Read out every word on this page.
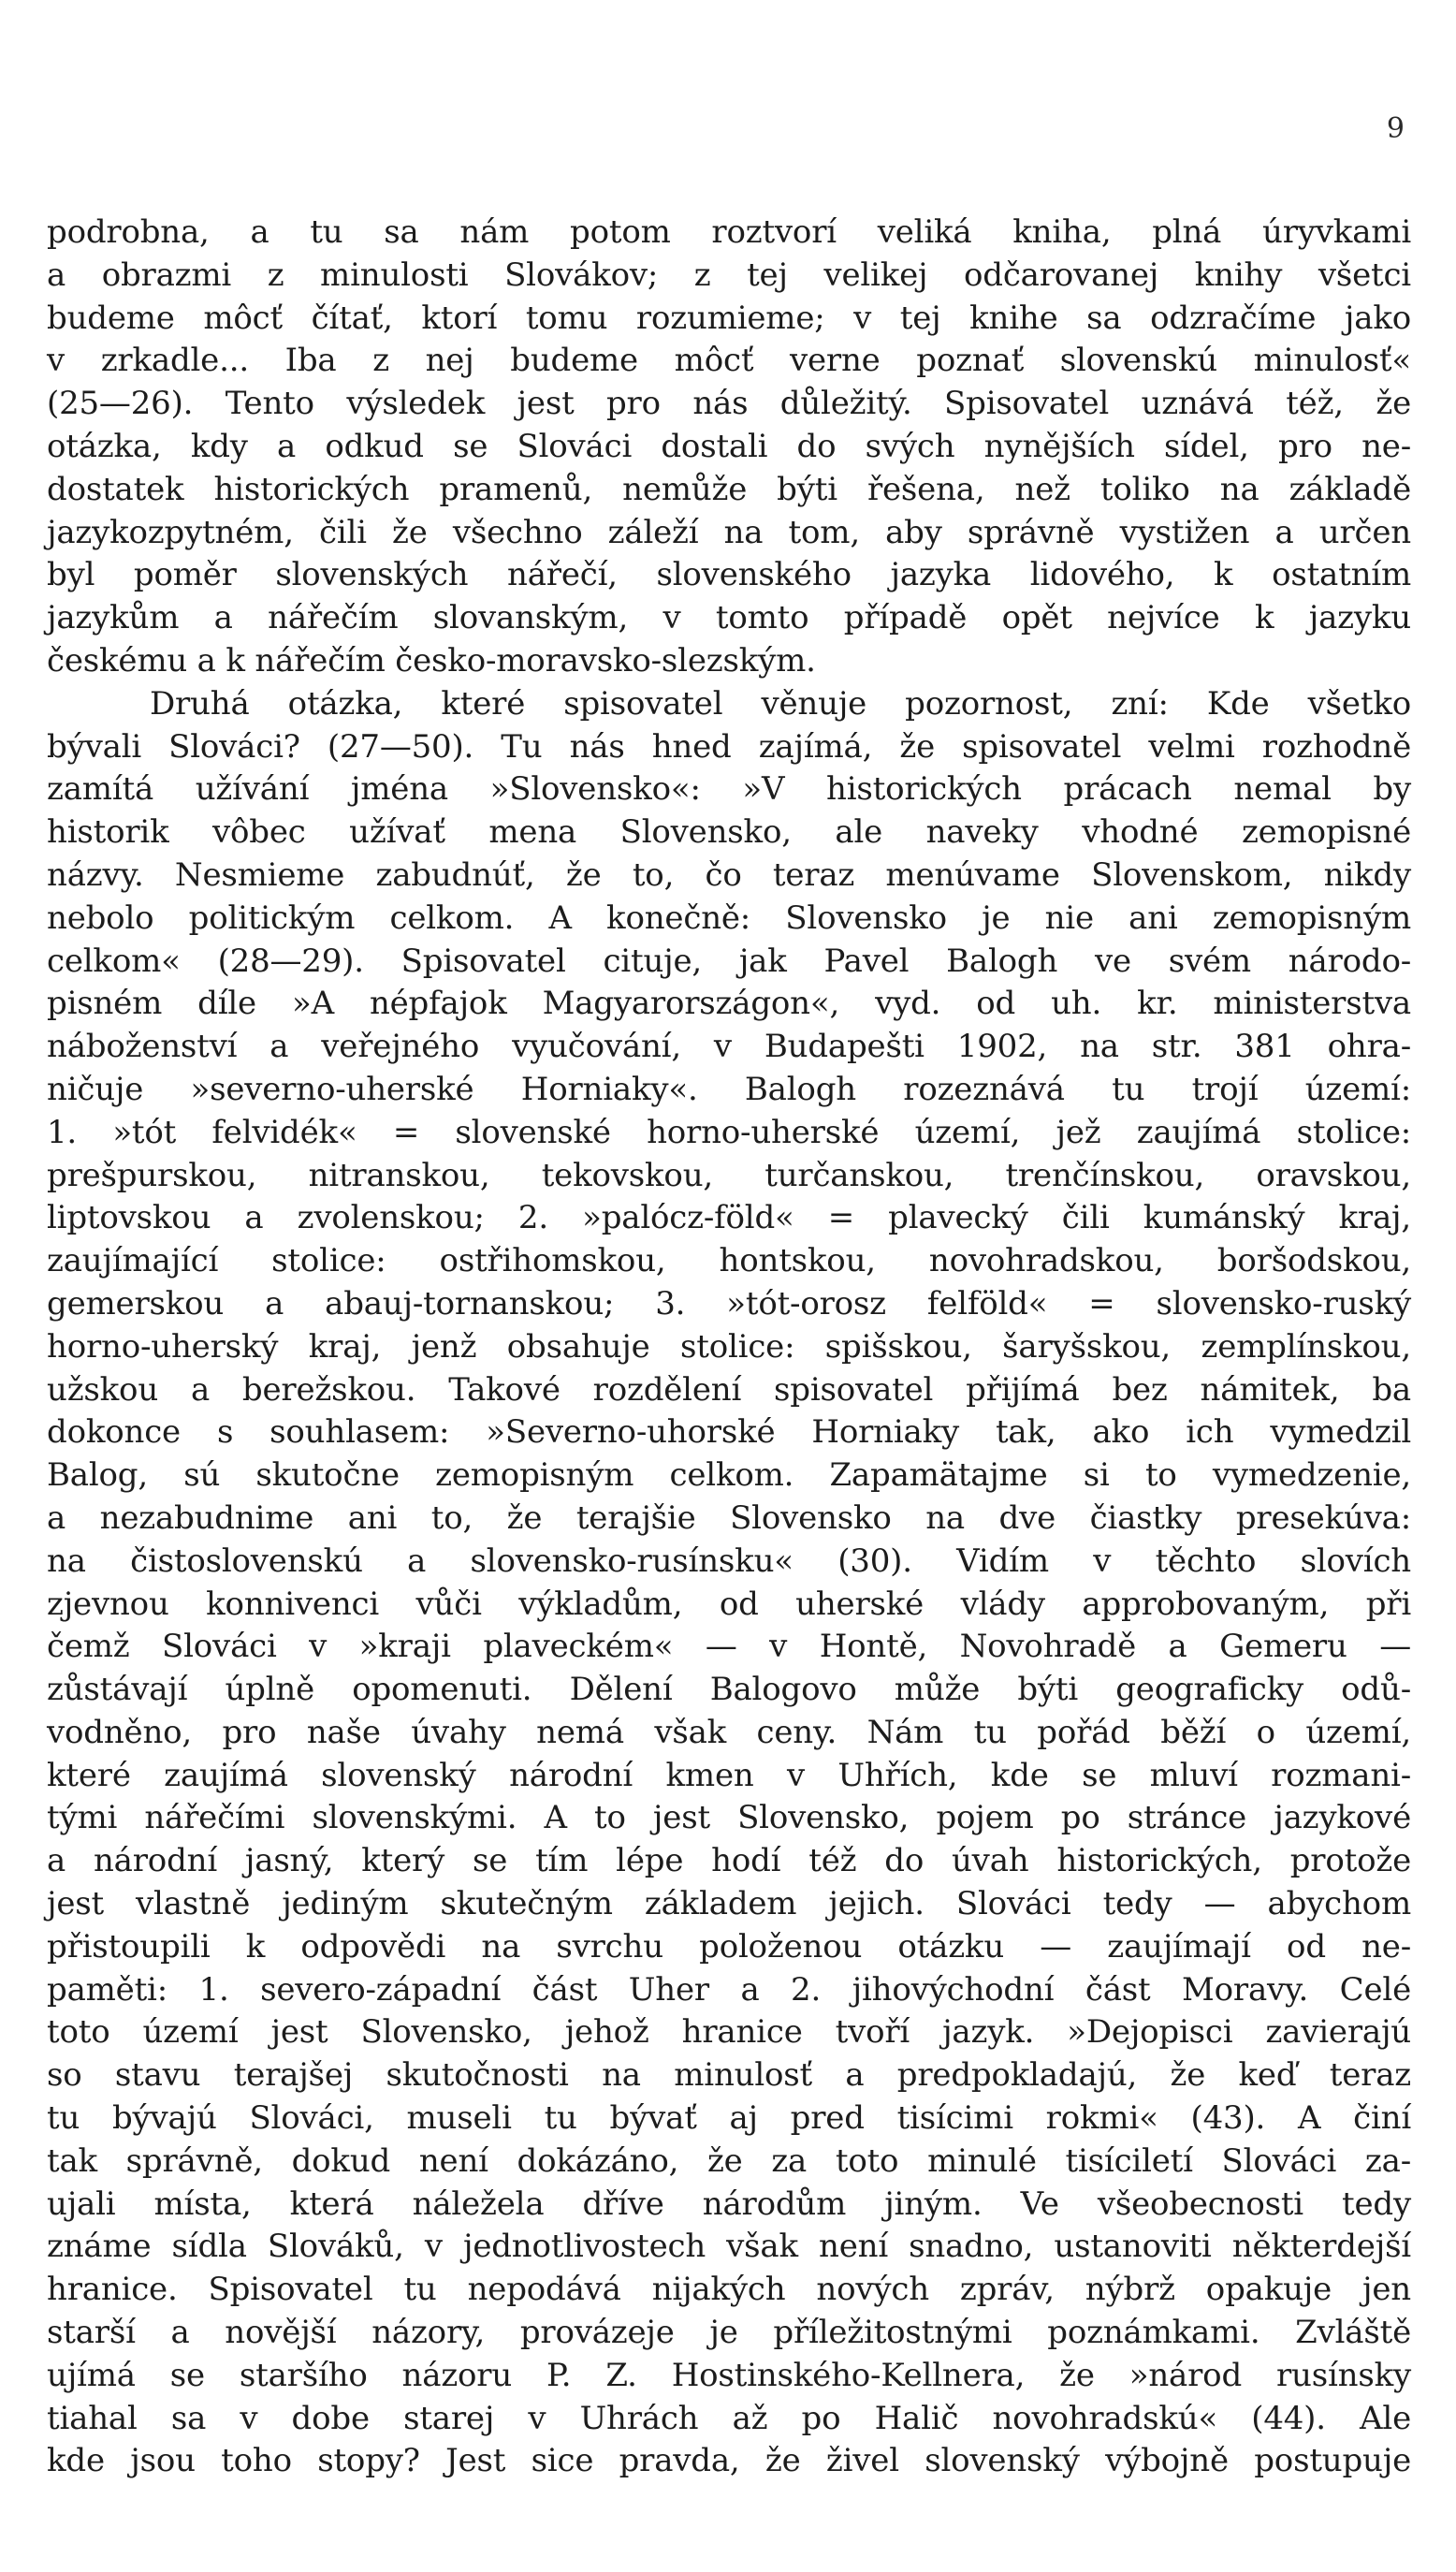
9
podrobna, a tu sa nám potom roztvorí veliká kniha, plná úryvkami
a obrazmi z minulosti Slovákov; z tej velikej odčarovanej knihy všetci
budeme môcť čítať, ktorí tomu rozumieme; v tej knihe sa odzračíme jako
v zrkadle... Iba z nej budeme môcť verne poznať slovenskú minulosť«
(25—26). Tento výsledek jest pro nás důležitý. Spisovatel uznává též, že
otázka, kdy a odkud se Slováci dostali do svých nynějších sídel, pro ne-
dostatek historických pramenů, nemůže býti řešena, než toliko na základě
jazykozpytném, čili že všechno záleží na tom, aby správně vystižen a určen
byl poměr slovenských nářečí, slovenského jazyka lidového, k ostatním
jazykům a nářečím slovanským, v tomto případě opět nejvíce k jazyku
českému a k nářečím česko-moravsko-slezským.
Druhá otázka, které spisovatel věnuje pozornost, zní: Kde všetko
bývali Slováci? (27—50). Tu nás hned zajímá, že spisovatel velmi rozhodně
zamítá užívání jména »Slovensko«: »V historických prácach nemal by
historik vôbec užívať mena Slovensko, ale naveky vhodné zemopisné
názvy. Nesmieme zabudnúť, že to, čo teraz menúvame Slovenskom, nikdy
nebolo politickým celkom. A konečně: Slovensko je nie ani zemopisným
celkom« (28—29). Spisovatel cituje, jak Pavel Balogh ve svém národo-
pisném díle »A népfajok Magyarországon«, vyd. od uh. kr. ministerstva
náboženství a veřejného vyučování, v Budapešti 1902, na str. 381 ohra-
ničuje »severno-uherské Horniaky«. Balogh rozeznává tu trojí území:
1. »tót felvidék« = slovenské horno-uherské území, jež zaujímá stolice:
prešpurskou, nitranskou, tekovskou, turčanskou, trenčínskou, oravskou,
liptovskou a zvolenskou; 2. »palócz-föld« = plavecký čili kumánský kraj,
zaujímající stolice: ostřihomskou, hontskou, novohradskou, boršodskou,
gemerskou a abauj-tornanskou; 3. »tót-orosz felföld« = slovensko-ruský
horno-uherský kraj, jenž obsahuje stolice: spišskou, šaryšskou, zemplínskou,
užskou a berežskou. Takové rozdělení spisovatel přijímá bez námitek, ba
dokonce s souhlasem: »Severno-uhorské Horniaky tak, ako ich vymedzil
Balog, sú skutočne zemopisným celkom. Zapamätajme si to vymedzenie,
a nezabudnime ani to, že terajšie Slovensko na dve čiastky presekúva:
na čistoslovenskú a slovensko-rusínsku« (30). Vidím v těchto slovích
zjevnou konnivenci vůči výkladům, od uherské vlády approbovaným, při
čemž Slováci v »kraji plaveckém« — v Hontě, Novohradě a Gemeru —
zůstávají úplně opomenuti. Dělení Balogovo může býti geograficky odů-
vodněno, pro naše úvahy nemá však ceny. Nám tu pořád běží o území,
které zaujímá slovenský národní kmen v Uhřích, kde se mluví rozmani-
tými nářečími slovenskými. A to jest Slovensko, pojem po stránce jazykové
a národní jasný, který se tím lépe hodí též do úvah historických, protože
jest vlastně jediným skutečným základem jejich. Slováci tedy — abychom
přistoupili k odpovědi na svrchu položenou otázku — zaujímají od ne-
paměti: 1. severo-západní část Uher a 2. jihovýchodní část Moravy. Celé
toto území jest Slovensko, jehož hranice tvoří jazyk. »Dejopisci zavierajú
so stavu terajšej skutočnosti na minulosť a predpokladajú, že keď teraz
tu bývajú Slováci, museli tu bývať aj pred tisícimi rokmi« (43). A činí
tak správně, dokud není dokázáno, že za toto minulé tisíciletí Slováci za-
ujali místa, která náležela dříve národům jiným. Ve všeobecnosti tedy
známe sídla Slováků, v jednotlivostech však není snadno, ustanoviti některdejší
hranice. Spisovatel tu nepodává nijakých nových zpráv, nýbrž opakuje jen
starší a novější názory, provázeje je příležitostnými poznámkami. Zvláště
ujímá se staršího názoru P. Z. Hostinského-Kellnera, že »národ rusínsky
tiahal sa v dobe starej v Uhrách až po Halič novohradskú« (44). Ale
kde jsou toho stopy? Jest sice pravda, že živel slovenský výbojně postupuje
